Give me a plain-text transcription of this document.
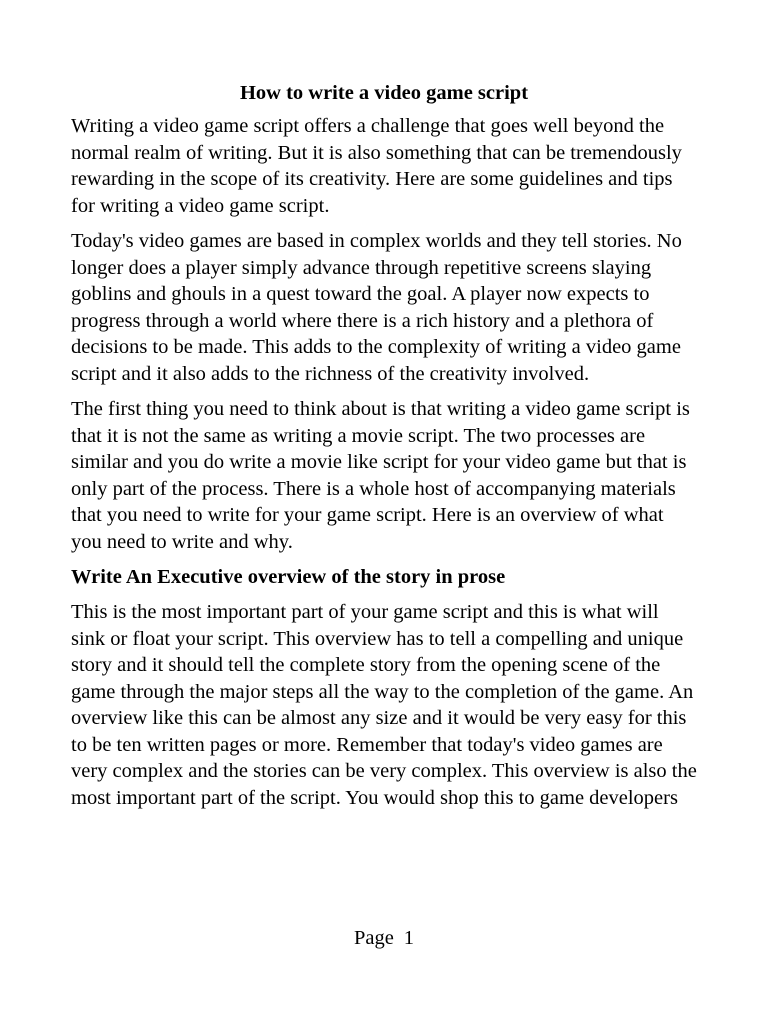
How to write a video game script

Writing a video game script offers a challenge that goes well beyond the normal realm of writing. But it is also something that can be tremendously rewarding in the scope of its creativity. Here are some guidelines and tips for writing a video game script.

Today's video games are based in complex worlds and they tell stories. No longer does a player simply advance through repetitive screens slaying goblins and ghouls in a quest toward the goal. A player now expects to progress through a world where there is a rich history and a plethora of decisions to be made. This adds to the complexity of writing a video game script and it also adds to the richness of the creativity involved.

The first thing you need to think about is that writing a video game script is that it is not the same as writing a movie script. The two processes are similar and you do write a movie like script for your video game but that is only part of the process. There is a whole host of accompanying materials that you need to write for your game script. Here is an overview of what you need to write and why.

Write An Executive overview of the story in prose

This is the most important part of your game script and this is what will sink or float your script. This overview has to tell a compelling and unique story and it should tell the complete story from the opening scene of the game through the major steps all the way to the completion of the game. An overview like this can be almost any size and it would be very easy for this to be ten written pages or more. Remember that today's video games are very complex and the stories can be very complex. This overview is also the most important part of the script. You would shop this to game developers

Page 1
